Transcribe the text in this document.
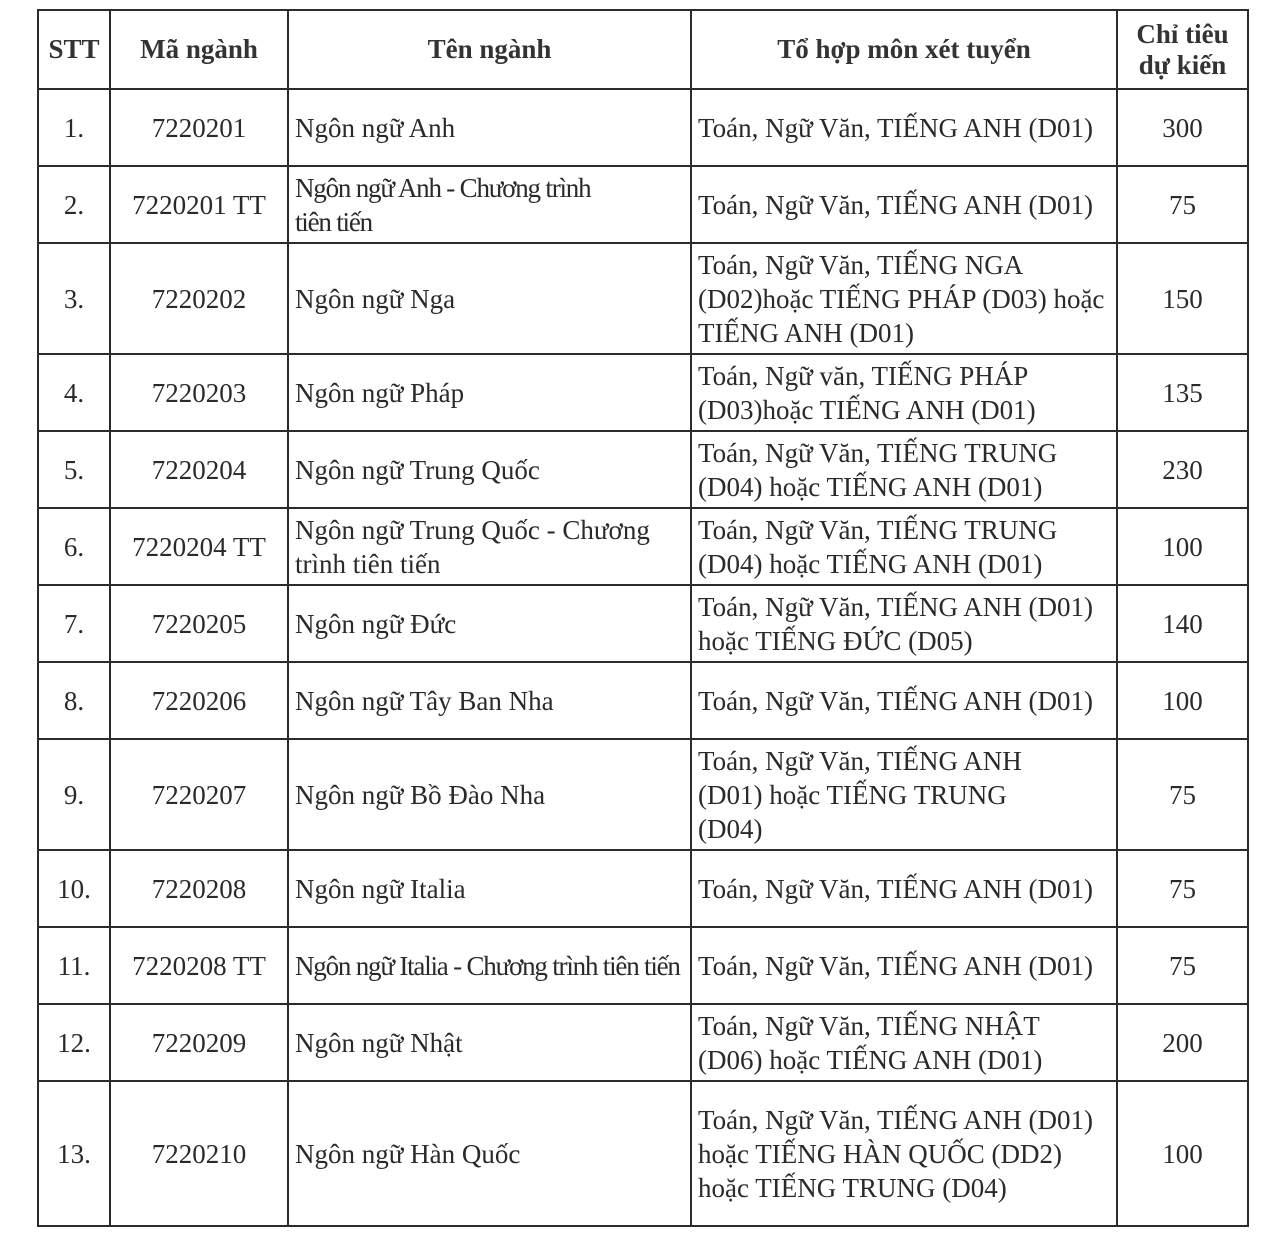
STT	Mã ngành	Tên ngành	Tổ hợp môn xét tuyển	Chỉ tiêu dự kiến
1.	7220201	Ngôn ngữ Anh	Toán, Ngữ Văn, TIẾNG ANH (D01)	300
2.	7220201 TT	Ngôn ngữ Anh - Chương trình tiên tiến	Toán, Ngữ Văn, TIẾNG ANH (D01)	75
3.	7220202	Ngôn ngữ Nga	Toán, Ngữ Văn, TIẾNG NGA (D02)hoặc TIẾNG PHÁP (D03) hoặc TIẾNG ANH (D01)	150
4.	7220203	Ngôn ngữ Pháp	Toán, Ngữ văn, TIẾNG PHÁP (D03)hoặc TIẾNG ANH (D01)	135
5.	7220204	Ngôn ngữ Trung Quốc	Toán, Ngữ Văn, TIẾNG TRUNG (D04) hoặc TIẾNG ANH (D01)	230
6.	7220204 TT	Ngôn ngữ Trung Quốc - Chương trình tiên tiến	Toán, Ngữ Văn, TIẾNG TRUNG (D04) hoặc TIẾNG ANH (D01)	100
7.	7220205	Ngôn ngữ Đức	Toán, Ngữ Văn, TIẾNG ANH (D01) hoặc TIẾNG ĐỨC (D05)	140
8.	7220206	Ngôn ngữ Tây Ban Nha	Toán, Ngữ Văn, TIẾNG ANH (D01)	100
9.	7220207	Ngôn ngữ Bồ Đào Nha	Toán, Ngữ Văn, TIẾNG ANH (D01) hoặc TIẾNG TRUNG (D04)	75
10.	7220208	Ngôn ngữ Italia	Toán, Ngữ Văn, TIẾNG ANH (D01)	75
11.	7220208 TT	Ngôn ngữ Italia - Chương trình tiên tiến	Toán, Ngữ Văn, TIẾNG ANH (D01)	75
12.	7220209	Ngôn ngữ Nhật	Toán, Ngữ Văn, TIẾNG NHẬT (D06) hoặc TIẾNG ANH (D01)	200
13.	7220210	Ngôn ngữ Hàn Quốc	Toán, Ngữ Văn, TIẾNG ANH (D01) hoặc TIẾNG HÀN QUỐC (DD2) hoặc TIẾNG TRUNG (D04)	100
